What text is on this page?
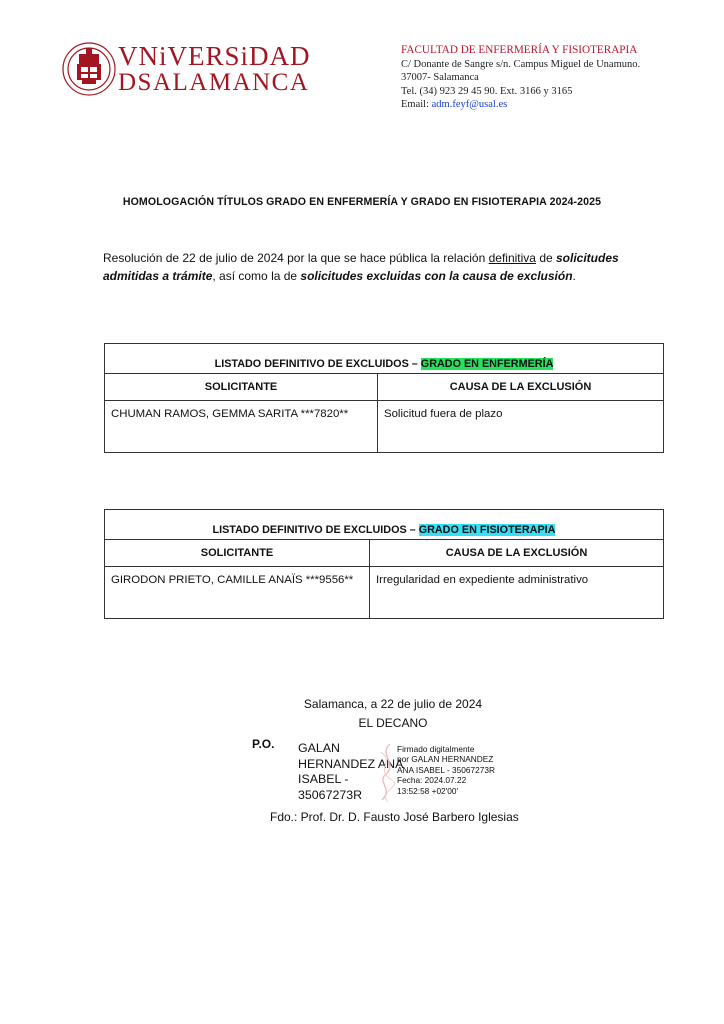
VNiVERSiDAD
DSALAMANCA
FACULTAD DE ENFERMERÍA Y FISIOTERAPIA
C/ Donante de Sangre s/n. Campus Miguel de Unamuno.
37007- Salamanca
Tel. (34) 923 29 45 90. Ext. 3166 y 3165
Email: adm.feyf@usal.es
HOMOLOGACIÓN TÍTULOS GRADO EN ENFERMERÍA Y GRADO EN FISIOTERAPIA 2024-2025
Resolución de 22 de julio de 2024 por la que se hace pública la relación definitiva de solicitudes admitidas a trámite, así como la de solicitudes excluidas con la causa de exclusión.
LISTADO DEFINITIVO DE EXCLUIDOS – GRADO EN ENFERMERÍA	
SOLICITANTE	CAUSA DE LA EXCLUSIÓN
CHUMAN RAMOS, GEMMA SARITA ***7820**	Solicitud fuera de plazo
LISTADO DEFINITIVO DE EXCLUIDOS – GRADO EN FISIOTERAPIA	
SOLICITANTE	CAUSA DE LA EXCLUSIÓN
GIRODON PRIETO, CAMILLE ANAÏS ***9556**	Irregularidad en expediente administrativo
Salamanca, a 22 de julio de 2024
EL DECANO
P.O. GALAN
HERNANDEZ ANA
ISABEL -
35067273R
Firmado digitalmente
por GALAN HERNANDEZ
ANA ISABEL - 35067273R
Fecha: 2024.07.22
13:52:58 +02'00'
Fdo.: Prof. Dr. D. Fausto José Barbero Iglesias
